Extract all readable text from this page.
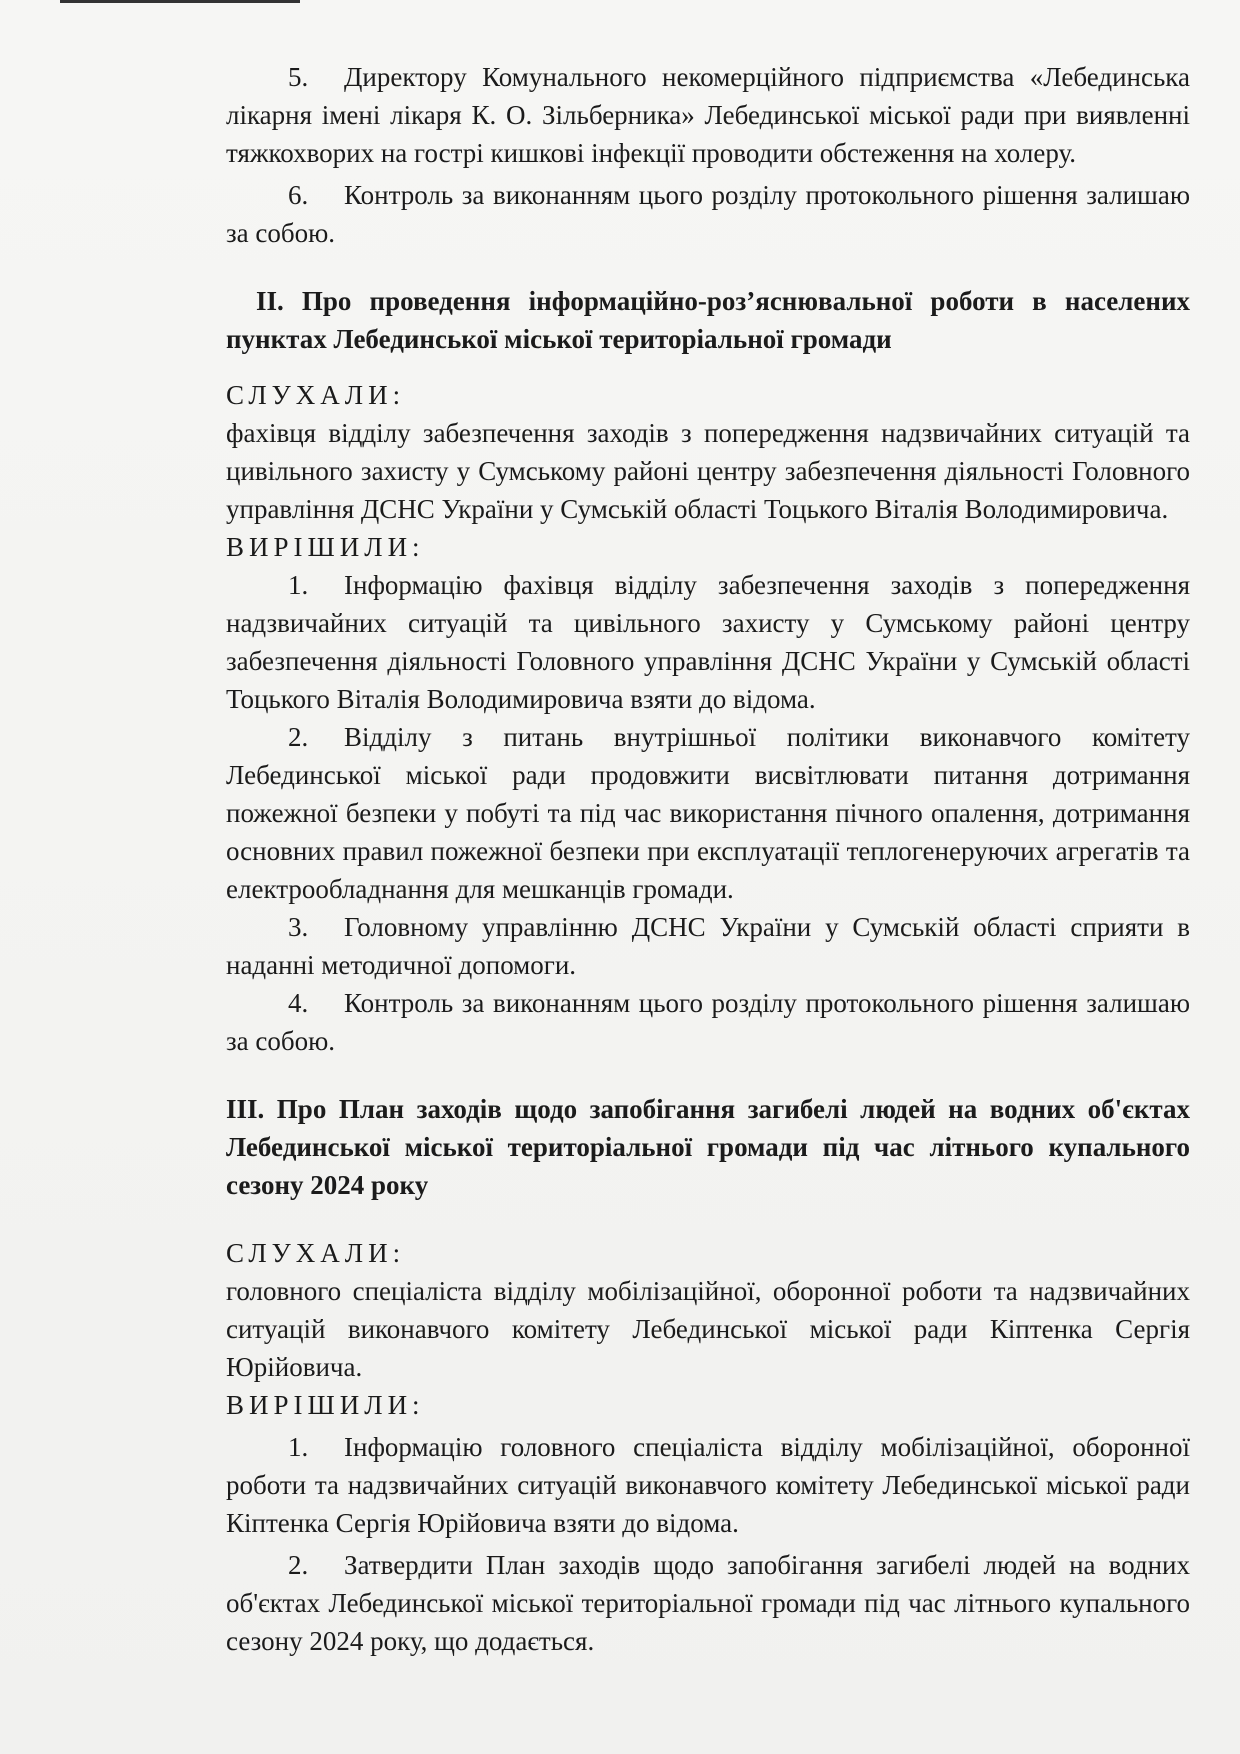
5. Директору Комунального некомерційного підприємства «Лебединська лікарня імені лікаря К. О. Зільберника» Лебединської міської ради при виявленні тяжкохворих на гострі кишкові інфекції проводити обстеження на холеру.

6. Контроль за виконанням цього розділу протокольного рішення залишаю за собою.

II. Про проведення інформаційно-роз’яснювальної роботи в населених пунктах Лебединської міської територіальної громади

СЛУХАЛИ:

фахівця відділу забезпечення заходів з попередження надзвичайних ситуацій та цивільного захисту у Сумському районі центру забезпечення діяльності Головного управління ДСНС України у Сумській області Тоцького Віталія Володимировича.

ВИРІШИЛИ:

1. Інформацію фахівця відділу забезпечення заходів з попередження надзвичайних ситуацій та цивільного захисту у Сумському районі центру забезпечення діяльності Головного управління ДСНС України у Сумській області Тоцького Віталія Володимировича взяти до відома.

2. Відділу з питань внутрішньої політики виконавчого комітету Лебединської міської ради продовжити висвітлювати питання дотримання пожежної безпеки у побуті та під час використання пічного опалення, дотримання основних правил пожежної безпеки при експлуатації теплогенеруючих агрегатів та електрообладнання для мешканців громади.

3. Головному управлінню ДСНС України у Сумській області сприяти в наданні методичної допомоги.

4. Контроль за виконанням цього розділу протокольного рішення залишаю за собою.

III. Про План заходів щодо запобігання загибелі людей на водних об'єктах Лебединської міської територіальної громади під час літнього купального сезону 2024 року

СЛУХАЛИ:

головного спеціаліста відділу мобілізаційної, оборонної роботи та надзвичайних ситуацій виконавчого комітету Лебединської міської ради Кіптенка Сергія Юрійовича.

ВИРІШИЛИ:

1. Інформацію головного спеціаліста відділу мобілізаційної, оборонної роботи та надзвичайних ситуацій виконавчого комітету Лебединської міської ради Кіптенка Сергія Юрійовича взяти до відома.

2. Затвердити План заходів щодо запобігання загибелі людей на водних об'єктах Лебединської міської територіальної громади під час літнього купального сезону 2024 року, що додається.
